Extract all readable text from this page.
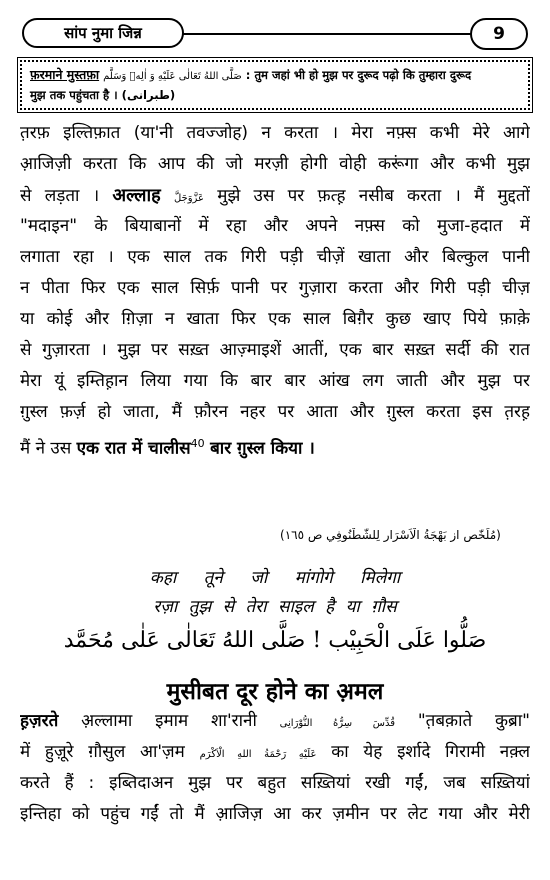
सांप नुमा जिन्न	9
फ़रमाने मुस्तफ़ा صَلَّى اللهُ تَعَالٰى عَلَيْهِ وَ اٰلِهٖ وَسَلَّم : तुम जहां भी हो मुझ पर दुरूद पढ़ो कि तुम्हारा दुरूद
मुझ तक पहुंचता है । (طبرانى)
त़रफ़ इल्तिफ़ात (या'नी तवज्जोह) न करता । मेरा नफ़्स कभी मेरे आगे
आ़जिज़ी करता कि आप की जो मरज़ी होगी वोही करूंगा और कभी मुझ
से लड़ता । अल्लाह عَزَّوَجَلَّ मुझे उस पर फ़त्ह़ नसीब करता । मैं मुद्दतों
"मदाइन" के बियाबानों में रहा और अपने नफ़्स को मुजा-हदात में
लगाता रहा । एक साल तक गिरी पड़ी चीज़ें खाता और बिल्कुल पानी
न पीता फिर एक साल सिर्फ़ पानी पर गुज़ारा करता और गिरी पड़ी चीज़
या कोई और ग़िज़ा न खाता फिर एक साल बिग़ैर कुछ खाए पिये फ़ाक़े
से गुज़ारता । मुझ पर सख़्त आज़्माइशें आतीं, एक बार सख़्त सर्दी की रात
मेरा यूं इम्तिह़ान लिया गया कि बार बार आंख लग जाती और मुझ पर
ग़ुस्ल फ़र्ज़ हो जाता, मैं फ़ौरन नहर पर आता और ग़ुस्ल करता इस त़रह़
मैं ने उस एक रात में चालीस$^{40}$ बार ग़ुस्ल किया ।
(مُلَخّص از بَهْجَةُ الْاَسْرَار لِلشَّطْنُوفِي ص ١٦٥)
कहा तूने जो मांगोगे मिलेगा
रज़ा तुझ से तेरा साइल है या ग़ौस
صَلُّوا عَلَى الْحَبِيْب ! صَلَّى اللهُ تَعَالٰى عَلٰى مُحَمَّد
मुसीबत दूर होने का अ़मल
ह़ज़रते अ़ल्लामा इमाम शा'रानी قُدِّسَ سِرُّهُ النُّوْرَانِى "त़बक़ाते कुब्रा"
में हुज़ूरे ग़ौसुल आ'ज़म عَلَيْهِ رَحْمَةُ اللهِ الْاَكْرَم का येह इर्शादे गिरामी नक़्ल
करते हैं : इब्तिदाअन मुझ पर बहुत सख़्तियां रखी गईं, जब सख़्तियां
इन्तिहा को पहुंच गईं तो मैं आ़जिज़ आ कर ज़मीन पर लेट गया और मेरी
